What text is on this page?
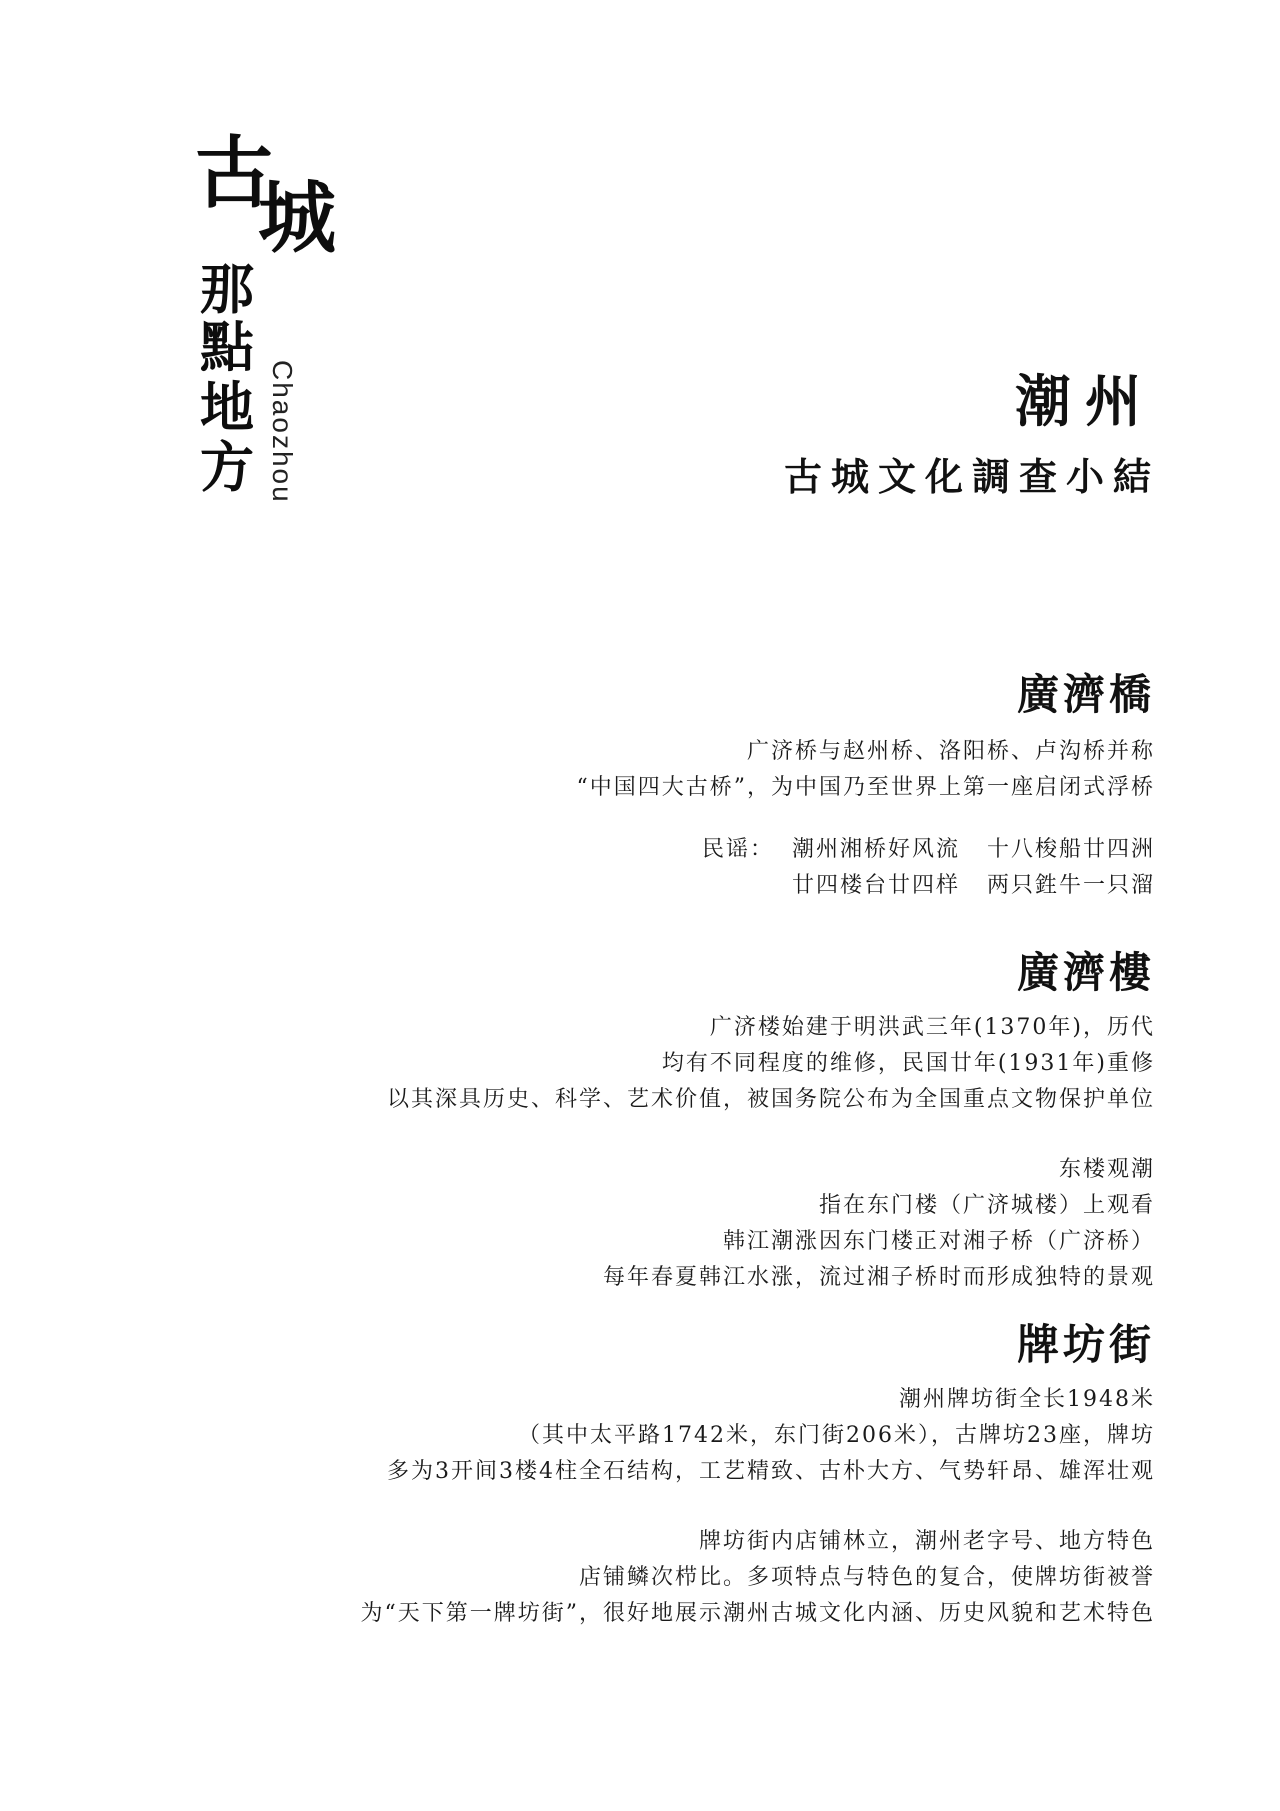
古
城
那
點
地
方 Chaozhou	潮州
古城文化調查小結
廣濟橋

广济桥与赵州桥、洛阳桥、卢沟桥并称

“中国四大古桥”，为中国乃至世界上第一座启闭式浮桥

民谣：  潮州湘桥好风流   十八梭船廿四洲

廿四楼台廿四样   两只鉎牛一只溜

廣濟樓

广济楼始建于明洪武三年(1370年)，历代

均有不同程度的维修，民国廿年(1931年)重修

以其深具历史、科学、艺术价值，被国务院公布为全国重点文物保护单位

东楼观潮

指在东门楼（广济城楼）上观看

韩江潮涨因东门楼正对湘子桥（广济桥）

每年春夏韩江水涨，流过湘子桥时而形成独特的景观

牌坊街

潮州牌坊街全长1948米

（其中太平路1742米，东门街206米），古牌坊23座，牌坊

多为3开间3楼4柱全石结构，工艺精致、古朴大方、气势轩昂、雄浑壮观

牌坊街内店铺林立，潮州老字号、地方特色

店铺鳞次栉比。多项特点与特色的复合，使牌坊街被誉

为“天下第一牌坊街”，很好地展示潮州古城文化内涵、历史风貌和艺术特色
